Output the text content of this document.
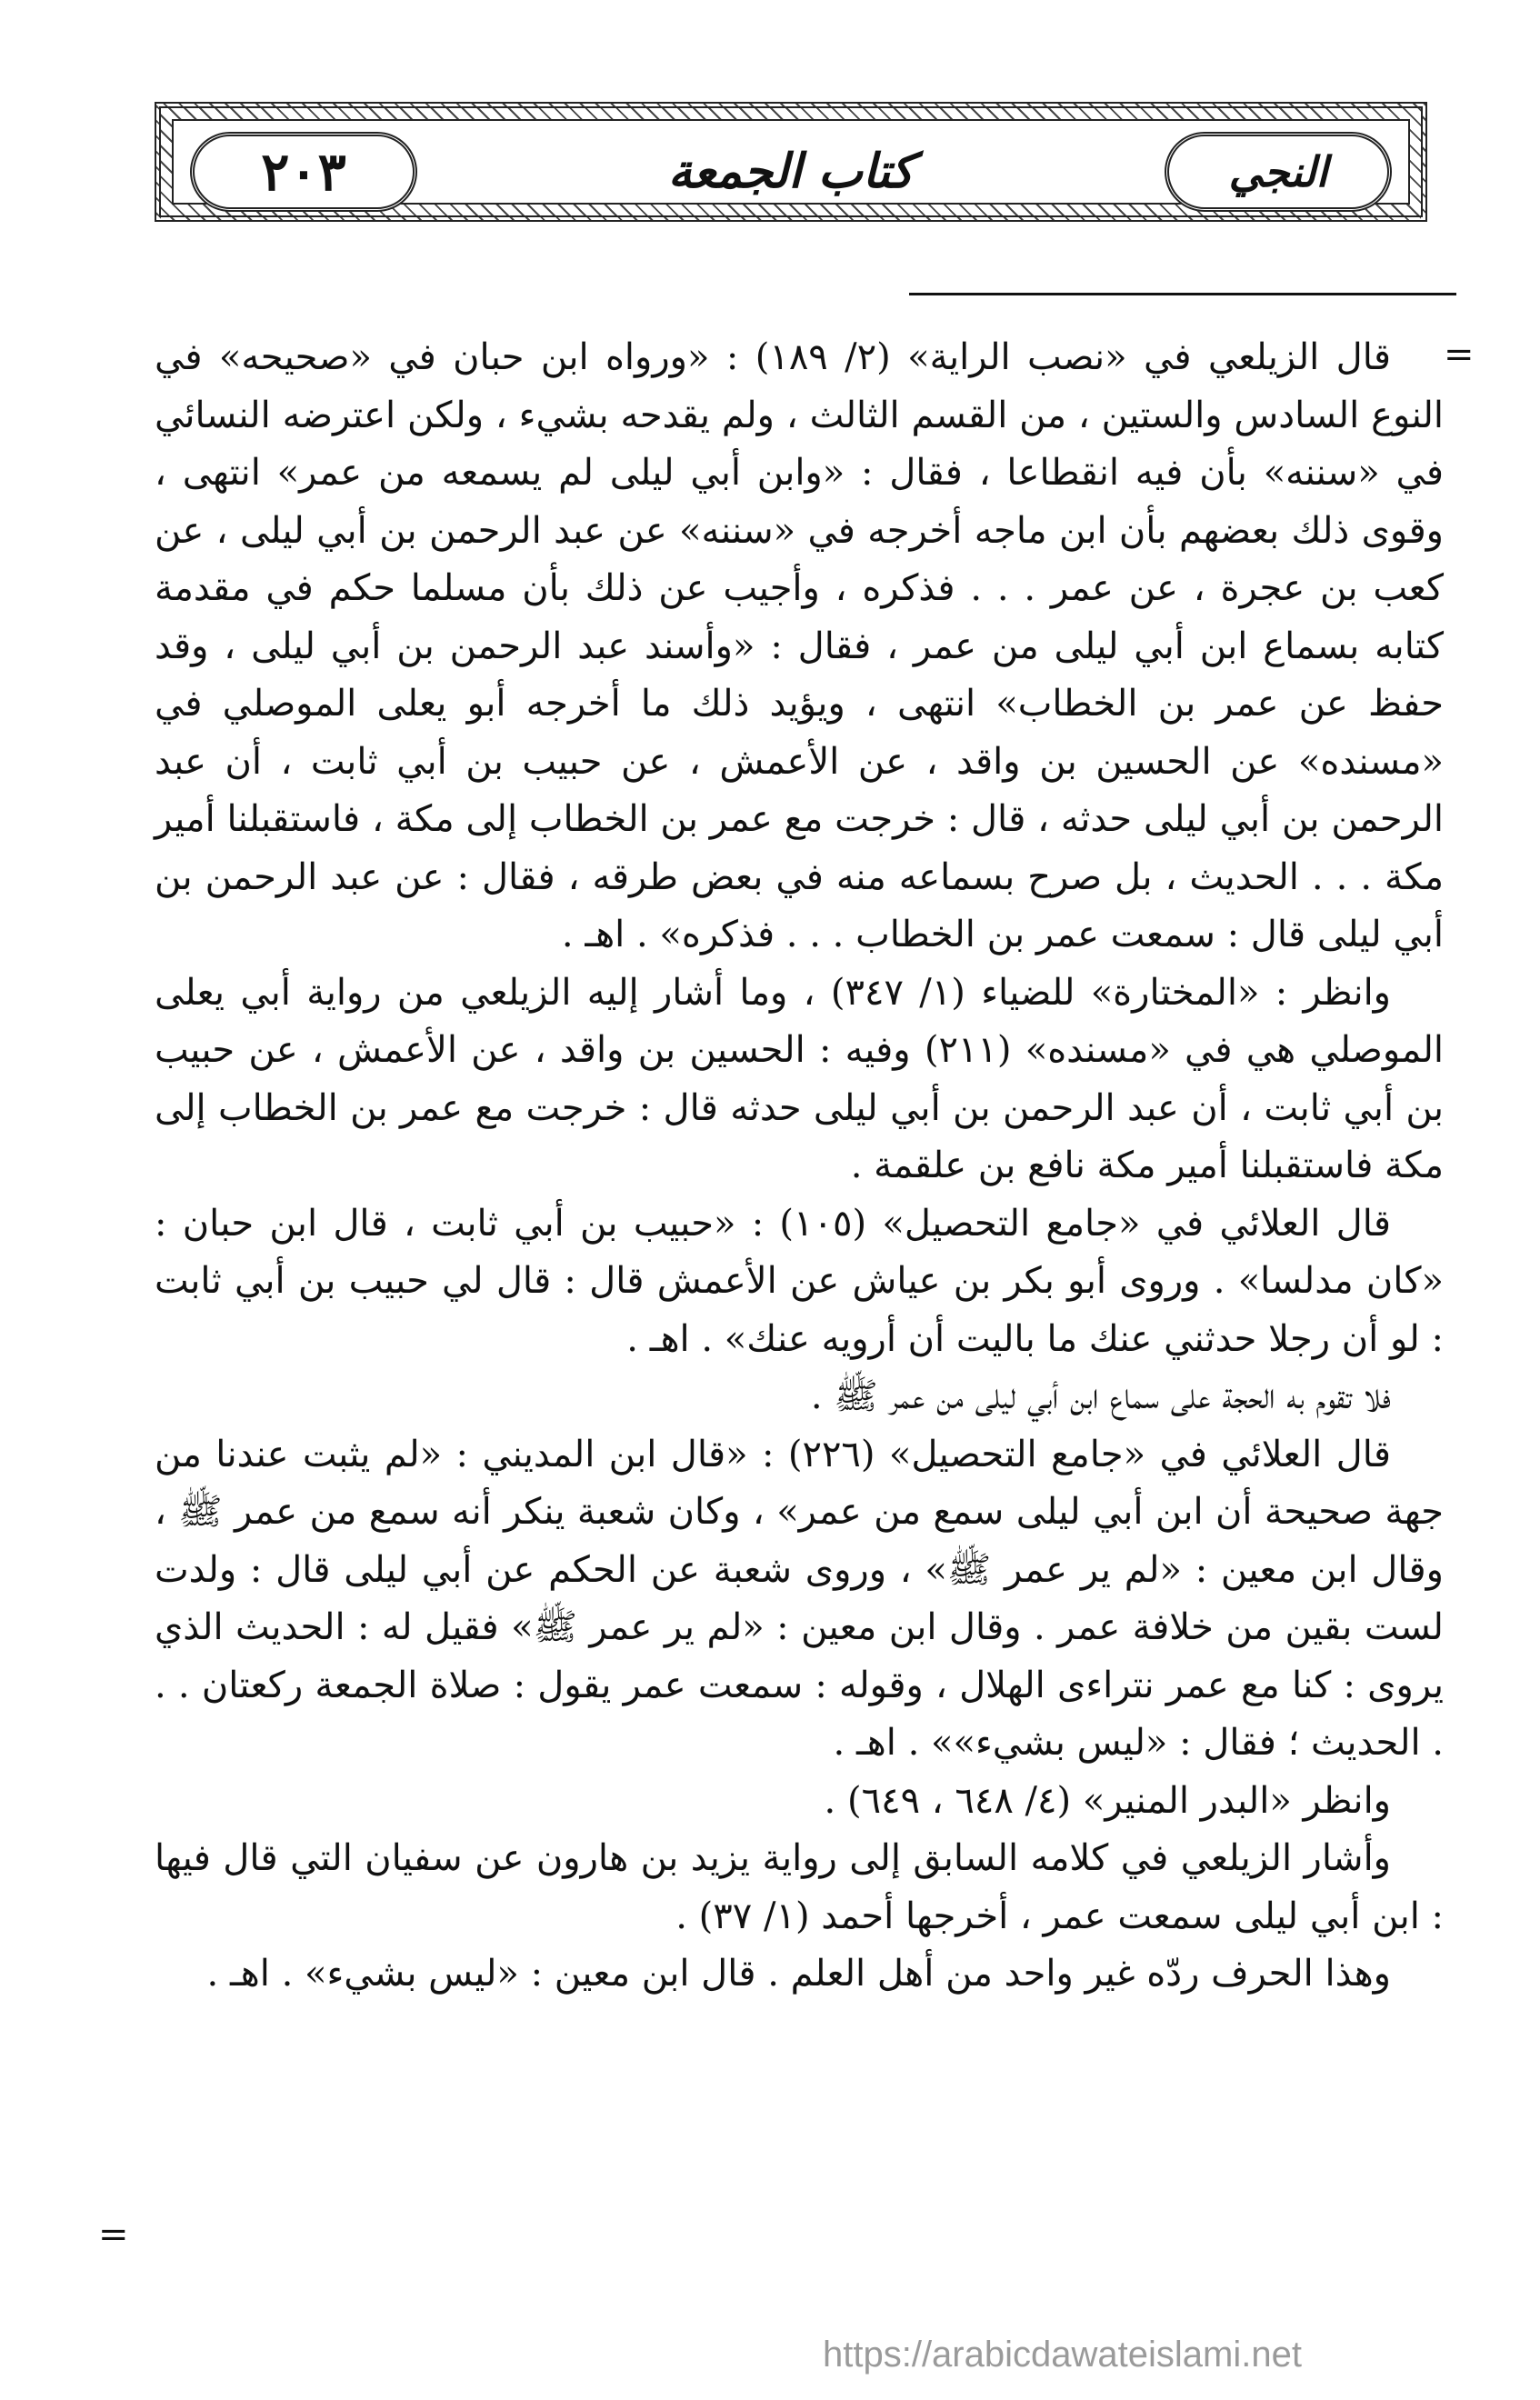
٢٠٣	كتاب الجمعة	النجي
=
=

قال الزيلعي في «نصب الراية» (٢/ ١٨٩) : «ورواه ابن حبان في «صحيحه» في النوع السادس والستين ، من القسم الثالث ، ولم يقدحه بشيء ، ولكن اعترضه النسائي في «سننه» بأن فيه انقطاعا ، فقال : «وابن أبي ليلى لم يسمعه من عمر» انتهى ، وقوى ذلك بعضهم بأن ابن ماجه أخرجه في «سننه» عن عبد الرحمن بن أبي ليلى ، عن كعب بن عجرة ، عن عمر . . . فذكره ، وأجيب عن ذلك بأن مسلما حكم في مقدمة كتابه بسماع ابن أبي ليلى من عمر ، فقال : «وأسند عبد الرحمن بن أبي ليلى ، وقد حفظ عن عمر بن الخطاب» انتهى ، ويؤيد ذلك ما أخرجه أبو يعلى الموصلي في «مسنده» عن الحسين بن واقد ، عن الأعمش ، عن حبيب بن أبي ثابت ، أن عبد الرحمن بن أبي ليلى حدثه ، قال : خرجت مع عمر بن الخطاب إلى مكة ، فاستقبلنا أمير مكة . . . الحديث ، بل صرح بسماعه منه في بعض طرقه ، فقال : عن عبد الرحمن بن أبي ليلى قال : سمعت عمر بن الخطاب . . . فذكره» . اهـ .

وانظر : «المختارة» للضياء (١/ ٣٤٧) ، وما أشار إليه الزيلعي من رواية أبي يعلى الموصلي هي في «مسنده» (٢١١) وفيه : الحسين بن واقد ، عن الأعمش ، عن حبيب بن أبي ثابت ، أن عبد الرحمن بن أبي ليلى حدثه قال : خرجت مع عمر بن الخطاب إلى مكة فاستقبلنا أمير مكة نافع بن علقمة .

قال العلائي في «جامع التحصيل» (١٠٥) : «حبيب بن أبي ثابت ، قال ابن حبان : «كان مدلسا» . وروى أبو بكر بن عياش عن الأعمش قال : قال لي حبيب بن أبي ثابت : لو أن رجلا حدثني عنك ما باليت أن أرويه عنك» . اهـ .

فلا تقوم به الحجة على سماع ابن أبي ليلى من عمر ﷺ .

قال العلائي في «جامع التحصيل» (٢٢٦) : «قال ابن المديني : «لم يثبت عندنا من جهة صحيحة أن ابن أبي ليلى سمع من عمر» ، وكان شعبة ينكر أنه سمع من عمر ﷺ ، وقال ابن معين : «لم ير عمر ﷺ» ، وروى شعبة عن الحكم عن أبي ليلى قال : ولدت لست بقين من خلافة عمر . وقال ابن معين : «لم ير عمر ﷺ» فقيل له : الحديث الذي يروى : كنا مع عمر نتراءى الهلال ، وقوله : سمعت عمر يقول : صلاة الجمعة ركعتان . . . الحديث ؛ فقال : «ليس بشيء»» . اهـ .

وانظر «البدر المنير» (٤/ ٦٤٨ ، ٦٤٩) .

وأشار الزيلعي في كلامه السابق إلى رواية يزيد بن هارون عن سفيان التي قال فيها : ابن أبي ليلى سمعت عمر ، أخرجها أحمد (١/ ٣٧) .

وهذا الحرف ردّه غير واحد من أهل العلم . قال ابن معين : «ليس بشيء» . اهـ .

https://arabicdawateislami.net
